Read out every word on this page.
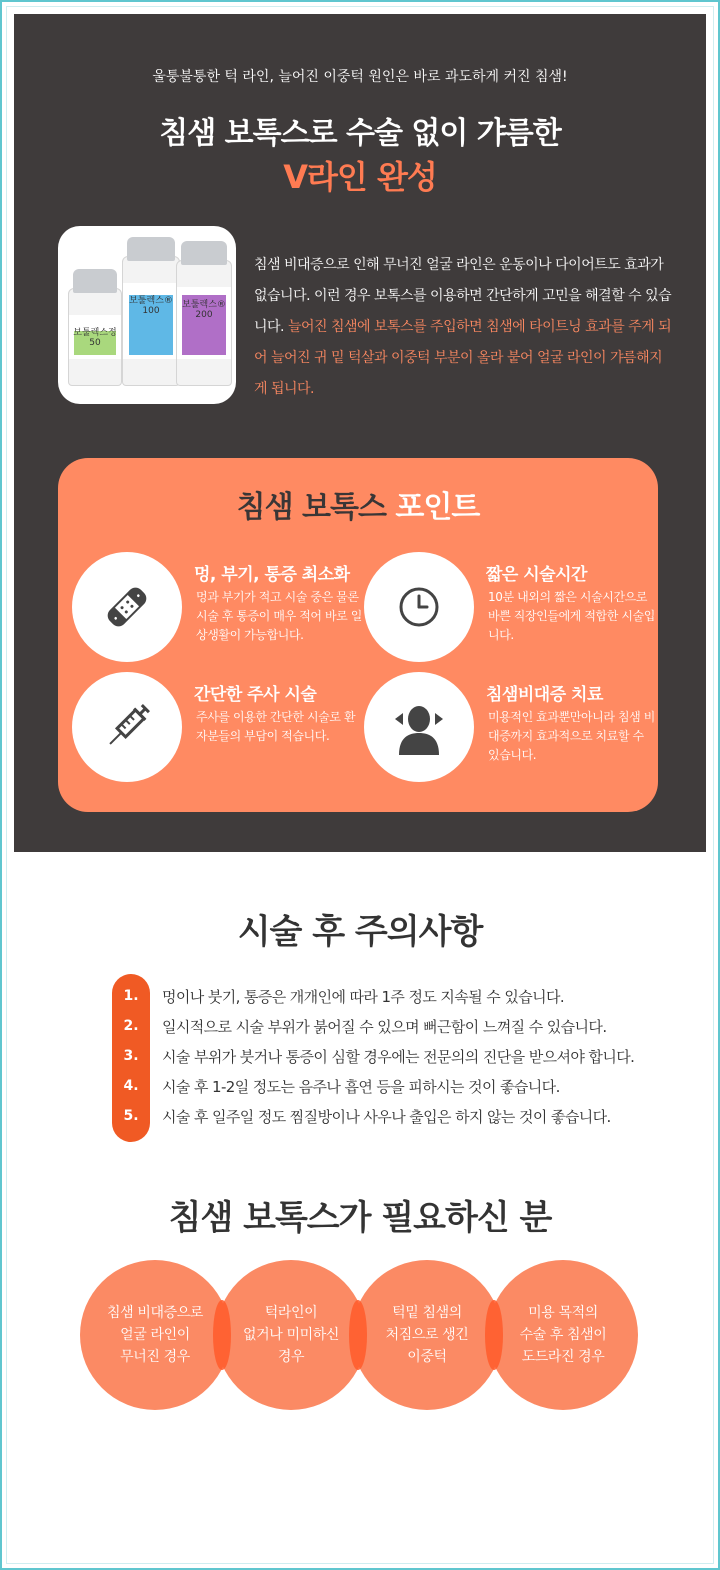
울퉁불퉁한 턱 라인, 늘어진 이중턱 원인은 바로 과도하게 커진 침샘!
침샘 보톡스로 수술 없이 갸름한
V라인 완성
보툴렉스정 50
보툴렉스® 100
보툴렉스® 200
침샘 비대증으로 인해 무너진 얼굴 라인은 운동이나 다이어트도 효과가 없습니다. 이런 경우 보톡스를 이용하면 간단하게 고민을 해결할 수 있습니다. 늘어진 침샘에 보톡스를 주입하면 침샘에 타이트닝 효과를 주게 되어 늘어진 귀 밑 턱살과 이중턱 부분이 올라 붙어 얼굴 라인이 갸름해지게 됩니다.
침샘 보톡스 포인트
멍, 부기, 통증 최소화
멍과 부기가 적고 시술 중은 물론 시술 후 통증이 매우 적어 바로 일상생활이 가능합니다.
짧은 시술시간
10분 내외의 짧은 시술시간으로 바쁜 직장인들에게 적합한 시술입니다.
간단한 주사 시술
주사를 이용한 간단한 시술로 환자분들의 부담이 적습니다.
침샘비대증 치료
미용적인 효과뿐만아니라 침샘 비대증까지 효과적으로 치료할 수 있습니다.
시술 후 주의사항
1.
2.
3.
4.
5.
멍이나 붓기, 통증은 개개인에 따라 1주 정도 지속될 수 있습니다.
일시적으로 시술 부위가 붉어질 수 있으며 뻐근함이 느껴질 수 있습니다.
시술 부위가 붓거나 통증이 심할 경우에는 전문의의 진단을 받으셔야 합니다.
시술 후 1-2일 정도는 음주나 흡연 등을 피하시는 것이 좋습니다.
시술 후 일주일 정도 찜질방이나 사우나 출입은 하지 않는 것이 좋습니다.
침샘 보톡스가 필요하신 분
침샘 비대증으로
얼굴 라인이
무너진 경우
턱라인이
없거나 미미하신
경우
턱밑 침샘의
처짐으로 생긴
이중턱
미용 목적의
수술 후 침샘이
도드라진 경우
